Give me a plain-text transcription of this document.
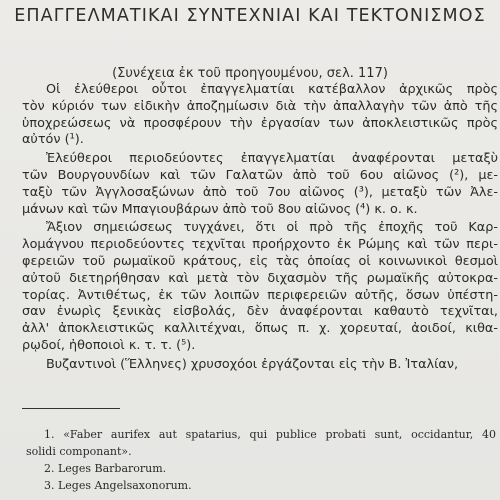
ΕΠΑΓΓΕΛΜΑΤΙΚΑΙ ΣΥΝΤΕΧΝΙΑΙ ΚΑΙ ΤΕΚΤΟΝΙΣΜΟΣ
(Συνέχεια ἐκ τοῦ προηγουμένου, σελ. 117)
Οἱ ἐλεύθεροι οὗτοι ἐπαγγελματίαι κατέβαλλον ἀρχικῶς πρὸς
τὸν κύριόν των εἰδικὴν ἀποζημίωσιν διὰ τὴν ἀπαλλαγὴν τῶν ἀπὸ τῆς
ὑποχρεώσεως νὰ προσφέρουν τὴν ἐργασίαν των ἀποκλειστικῶς πρὸς
αὐτόν (¹).
Ἐλεύθεροι περιοδεύοντες ἐπαγγελματίαι ἀναφέρονται μεταξὺ
τῶν Βουργουνδίων καὶ τῶν Γαλατῶν ἀπὸ τοῦ 6ου αἰῶνος (²), με-
ταξὺ τῶν Ἀγγλοσαξώνων ἀπὸ τοῦ 7ου αἰῶνος (³), μεταξὺ τῶν Ἀλε-
μάνων καὶ τῶν Μπαγιουβάρων ἀπὸ τοῦ 8ου αἰῶνος (⁴) κ. ο. κ.
Ἄξιον σημειώσεως τυγχάνει, ὅτι οἱ πρὸ τῆς ἐποχῆς τοῦ Καρ-
λομάγνου περιοδεύοντες τεχνῖται προήρχοντο ἐκ Ρώμης καὶ τῶν περι-
φερειῶν τοῦ ρωμαϊκοῦ κράτους, εἰς τὰς ὁποίας οἱ κοινωνικοὶ θεσμοὶ
αὐτοῦ διετηρήθησαν καὶ μετὰ τὸν διχασμὸν τῆς ρωμαϊκῆς αὐτοκρα-
τορίας. Ἀντιθέτως, ἐκ τῶν λοιπῶν περιφερειῶν αὐτῆς, ὅσων ὑπέστη-
σαν ἐνωρὶς ξενικὰς εἰσβολάς, δὲν ἀναφέρονται καθαυτὸ τεχνῖται,
ἀλλ' ἀποκλειστικῶς καλλιτέχναι, ὅπως π. χ. χορευταί, ἀοιδοί, κιθα-
ρῳδοί, ἠθοποιοὶ κ. τ. τ. (⁵).
Βυζαντινοὶ (Ἕλληνες) χρυσοχόοι ἐργάζονται εἰς τὴν Β. Ἰταλίαν,
1. «Faber aurifex aut spatarius, qui publice probati sunt, occidantur, 40
solidi componant».
2. Leges Barbarorum.
3. Leges Angelsaxonorum.
